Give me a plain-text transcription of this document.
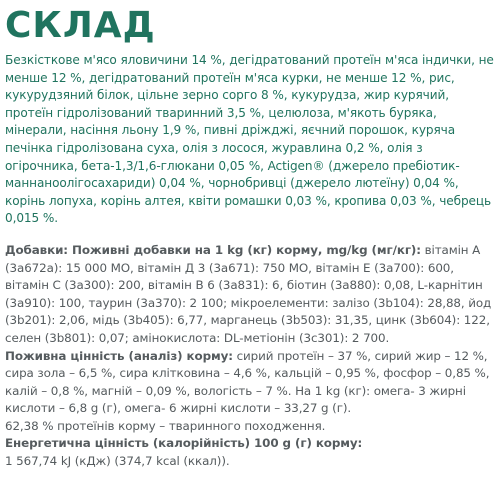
СКЛАД

Безкісткове м'ясо яловичини 14 %, дегідратований протеїн м'яса індички, не менше 12 %, дегідратований протеїн м'яса курки, не менше 12 %, рис, кукурудзяний білок, цільне зерно сорго 8 %, кукурудза, жир курячий, протеїн гідролізований тваринний 3,5 %, целюлоза, м'якоть буряка, мінерали, насіння льону 1,9 %, пивні дріжджі, яєчний порошок, куряча печінка гідролізована суха, олія з лосося, журавлина 0,2 %, олія з огірочника, бета-1,3/1,6-глюкани 0,05 %, Actigen® (джерело пребіотик-маннаноолігосахариди) 0,04 %, чорнобривці (джерело лютеїну) 0,04 %, корінь лопуха, корінь алтея, квіти ромашки 0,03 %, кропива 0,03 %, чебрець 0,015 %.

Добавки: Поживні добавки на 1 kg (кг) корму, mg/kg (мг/кг): вітамін А (3a672a): 15 000 МО, вітамін Д 3 (3a671): 750 МО, вітамін Е (3a700): 600, вітамін С (3a300): 200, вітамін В 6 (3a831): 6, біотин (3a880): 0,08, L-карнітин (3a910): 100, таурин (3a370): 2 100; мікроелементи: залізо (3b104): 28,88, йод (3b201): 2,06, мідь (3b405): 6,77, марганець (3b503): 31,35, цинк (3b604): 122, селен (3b801): 0,07; амінокислота: DL-метіонін (3c301): 2 700.

Поживна цінність (аналіз) корму: сирий протеїн – 37 %, сирий жир – 12 %, сира зола – 6,5 %, сира клітковина – 4,6 %, кальцій – 0,95 %, фосфор – 0,85 %, калій – 0,8 %, магній – 0,09 %, вологість – 7 %. На 1 kg (кг): омега- 3 жирні кислоти – 6,8 g (г), омега- 6 жирні кислоти – 33,27 g (г).

62,38 % протеїнів корму – тваринного походження.

Енергетична цінність (калорійність) 100 g (г) корму:
1 567,74 kJ (кДж) (374,7 kcal (ккал)).
